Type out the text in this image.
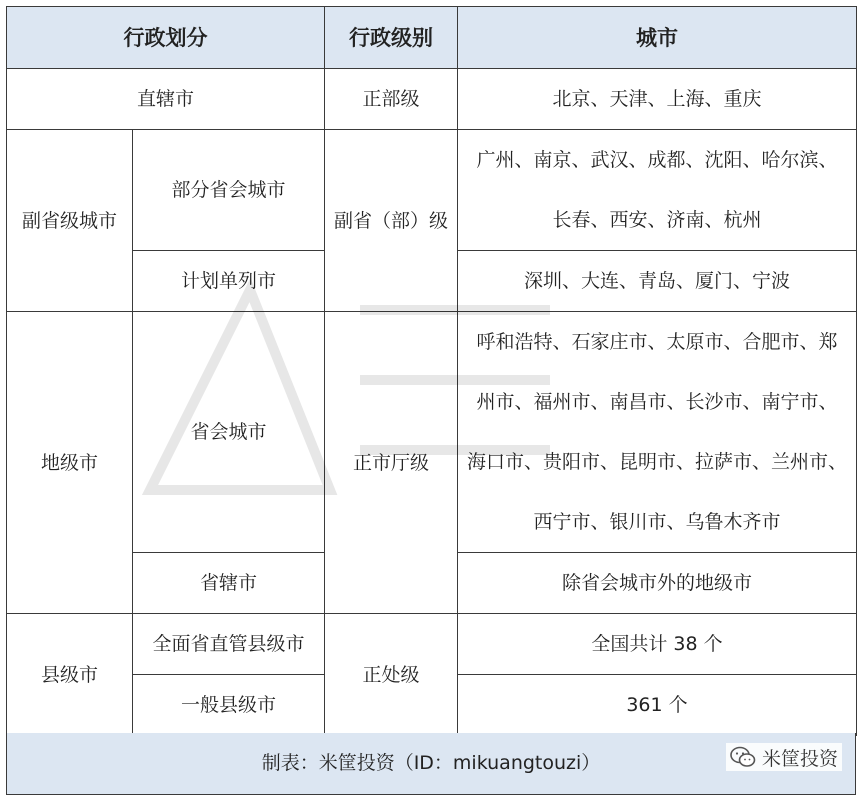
行政划分		行政级别	城市
直辖市		正部级	北京、天津、上海、重庆
副省级城市	部分省会城市	副省（部）级	广州、南京、武汉、成都、沈阳、哈尔滨、
长春、西安、济南、杭州

	计划单列市		深圳、大连、青岛、厦门、宁波
地级市	省会城市	正市厅级	呼和浩特、石家庄市、太原市、合肥市、郑
州市、福州市、南昌市、长沙市、南宁市、
海口市、贵阳市、昆明市、拉萨市、兰州市、
西宁市、银川市、乌鲁木齐市

	省辖市		除省会城市外的地级市
县级市	全面省直管县级市	正处级	全国共计 38 个
	一般县级市		361 个
制表：米筐投资（ID：mikuangtouzi）	米筐投资
